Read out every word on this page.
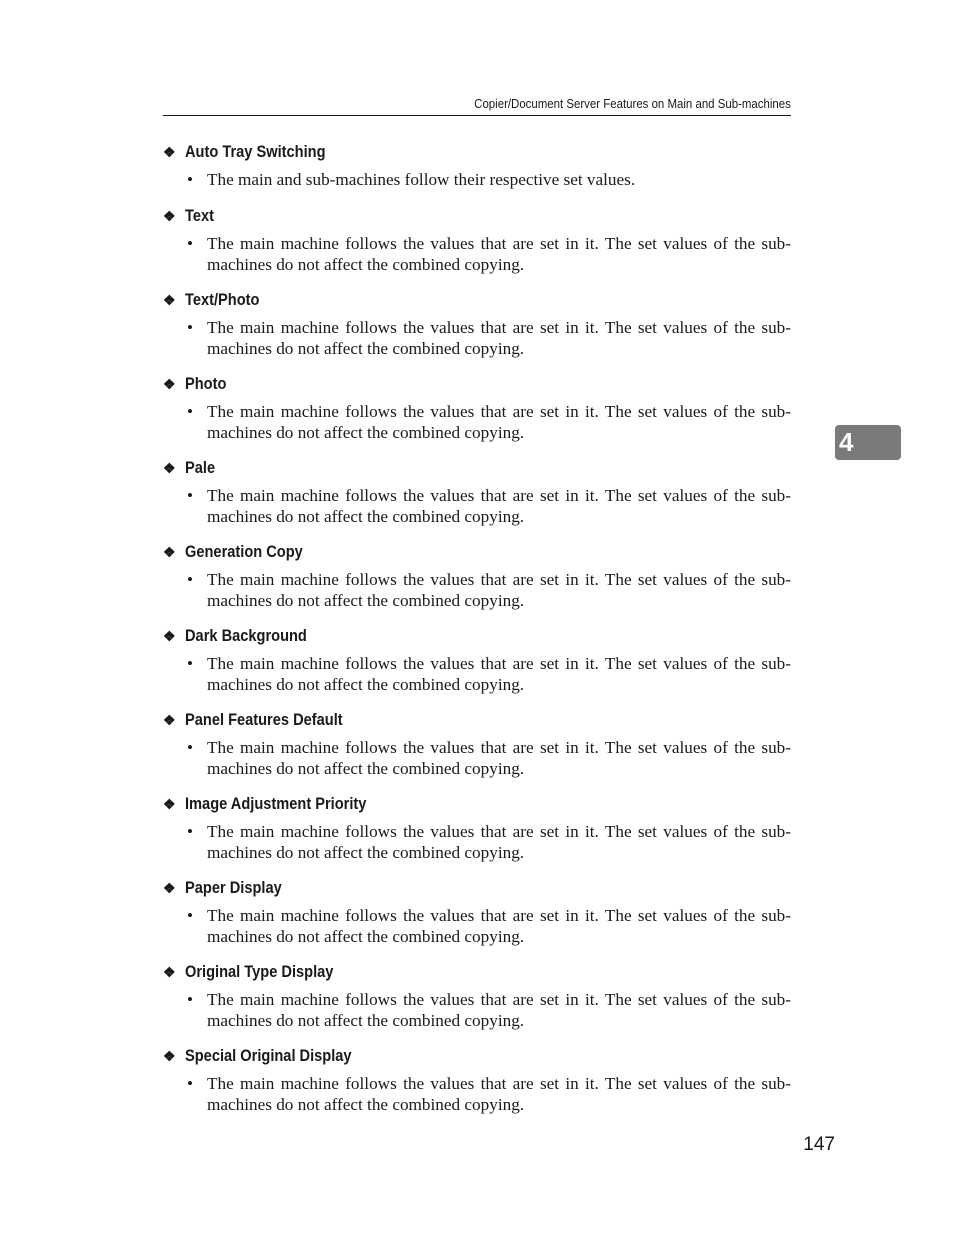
Copier/Document Server Features on Main and Sub-machines
❖ Auto Tray Switching
• The main and sub-machines follow their respective set values.
❖ Text
• The main machine follows the values that are set in it. The set values of the sub-machines do not affect the combined copying.
❖ Text/Photo
• The main machine follows the values that are set in it. The set values of the sub-machines do not affect the combined copying.
❖ Photo
• The main machine follows the values that are set in it. The set values of the sub-machines do not affect the combined copying.
❖ Pale
• The main machine follows the values that are set in it. The set values of the sub-machines do not affect the combined copying.
❖ Generation Copy
• The main machine follows the values that are set in it. The set values of the sub-machines do not affect the combined copying.
❖ Dark Background
• The main machine follows the values that are set in it. The set values of the sub-machines do not affect the combined copying.
❖ Panel Features Default
• The main machine follows the values that are set in it. The set values of the sub-machines do not affect the combined copying.
❖ Image Adjustment Priority
• The main machine follows the values that are set in it. The set values of the sub-machines do not affect the combined copying.
❖ Paper Display
• The main machine follows the values that are set in it. The set values of the sub-machines do not affect the combined copying.
❖ Original Type Display
• The main machine follows the values that are set in it. The set values of the sub-machines do not affect the combined copying.
❖ Special Original Display
• The main machine follows the values that are set in it. The set values of the sub-machines do not affect the combined copying.
4
147
